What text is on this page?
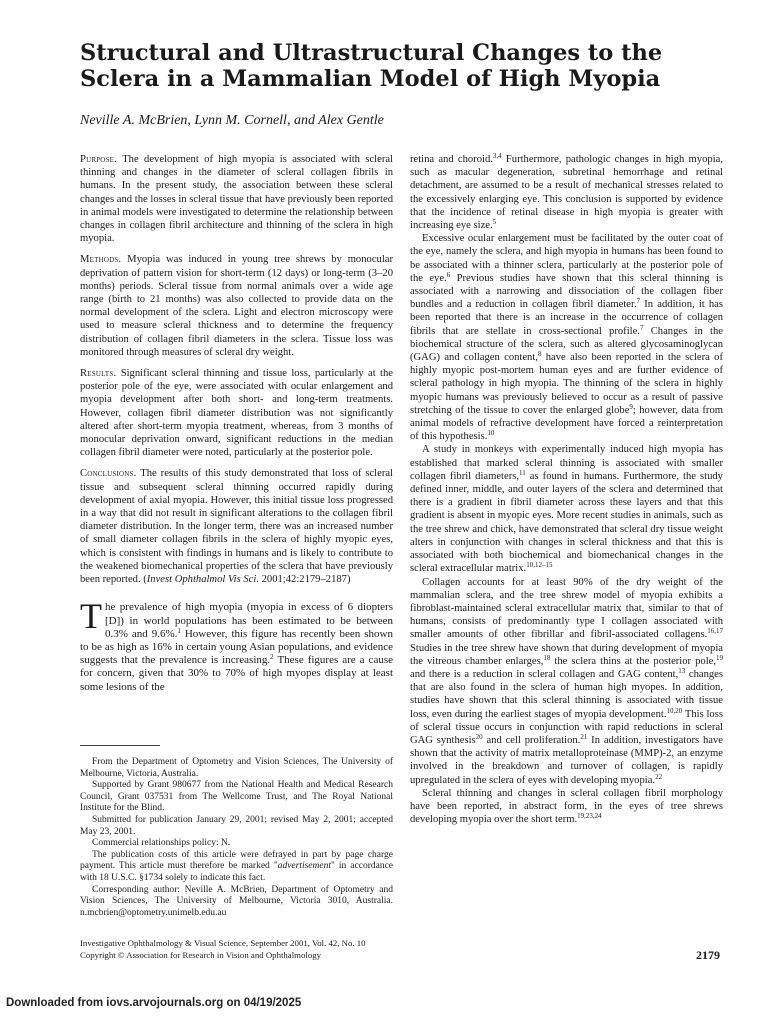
Structural and Ultrastructural Changes to the Sclera in a Mammalian Model of High Myopia
Neville A. McBrien, Lynn M. Cornell, and Alex Gentle

Purpose. The development of high myopia is associated with scleral thinning and changes in the diameter of scleral collagen fibrils in humans. In the present study, the association between these scleral changes and the losses in scleral tissue that have previously been reported in animal models were investigated to determine the relationship between changes in collagen fibril architecture and thinning of the sclera in high myopia.

Methods. Myopia was induced in young tree shrews by monocular deprivation of pattern vision for short-term (12 days) or long-term (3–20 months) periods. Scleral tissue from normal animals over a wide age range (birth to 21 months) was also collected to provide data on the normal development of the sclera. Light and electron microscopy were used to measure scleral thickness and to determine the frequency distribution of collagen fibril diameters in the sclera. Tissue loss was monitored through measures of scleral dry weight.

Results. Significant scleral thinning and tissue loss, particularly at the posterior pole of the eye, were associated with ocular enlargement and myopia development after both short- and long-term treatments. However, collagen fibril diameter distribution was not significantly altered after short-term myopia treatment, whereas, from 3 months of monocular deprivation onward, significant reductions in the median collagen fibril diameter were noted, particularly at the posterior pole.

Conclusions. The results of this study demonstrated that loss of scleral tissue and subsequent scleral thinning occurred rapidly during development of axial myopia. However, this initial tissue loss progressed in a way that did not result in significant alterations to the collagen fibril diameter distribution. In the longer term, there was an increased number of small diameter collagen fibrils in the sclera of highly myopic eyes, which is consistent with findings in humans and is likely to contribute to the weakened biomechanical properties of the sclera that have previously been reported. (Invest Ophthalmol Vis Sci. 2001;42:2179–2187)

The prevalence of high myopia (myopia in excess of 6 diopters [D]) in world populations has been estimated to be between 0.3% and 9.6%.$^1$ However, this figure has recently been shown to be as high as 16% in certain young Asian populations, and evidence suggests that the prevalence is increasing.$^2$ These figures are a cause for concern, given that 30% to 70% of high myopes display at least some lesions of the

retina and choroid.$^{3,4}$ Furthermore, pathologic changes in high myopia, such as macular degeneration, subretinal hemorrhage and retinal detachment, are assumed to be a result of mechanical stresses related to the excessively enlarging eye. This conclusion is supported by evidence that the incidence of retinal disease in high myopia is greater with increasing eye size.$^5$

Excessive ocular enlargement must be facilitated by the outer coat of the eye, namely the sclera, and high myopia in humans has been found to be associated with a thinner sclera, particularly at the posterior pole of the eye.$^6$ Previous studies have shown that this scleral thinning is associated with a narrowing and dissociation of the collagen fiber bundles and a reduction in collagen fibril diameter.$^7$ In addition, it has been reported that there is an increase in the occurrence of collagen fibrils that are stellate in cross-sectional profile.$^7$ Changes in the biochemical structure of the sclera, such as altered glycosaminoglycan (GAG) and collagen content,$^8$ have also been reported in the sclera of highly myopic post-mortem human eyes and are further evidence of scleral pathology in high myopia. The thinning of the sclera in highly myopic humans was previously believed to occur as a result of passive stretching of the tissue to cover the enlarged globe$^9$; however, data from animal models of refractive development have forced a reinterpretation of this hypothesis.$^{10}$

A study in monkeys with experimentally induced high myopia has established that marked scleral thinning is associated with smaller collagen fibril diameters,$^{11}$ as found in humans. Furthermore, the study defined inner, middle, and outer layers of the sclera and determined that there is a gradient in fibril diameter across these layers and that this gradient is absent in myopic eyes. More recent studies in animals, such as the tree shrew and chick, have demonstrated that scleral dry tissue weight alters in conjunction with changes in scleral thickness and that this is associated with both biochemical and biomechanical changes in the scleral extracellular matrix.$^{10,12-15}$

Collagen accounts for at least 90% of the dry weight of the mammalian sclera, and the tree shrew model of myopia exhibits a fibroblast-maintained scleral extracellular matrix that, similar to that of humans, consists of predominantly type I collagen associated with smaller amounts of other fibrillar and fibril-associated collagens.$^{16,17}$ Studies in the tree shrew have shown that during development of myopia the vitreous chamber enlarges,$^{18}$ the sclera thins at the posterior pole,$^{19}$ and there is a reduction in scleral collagen and GAG content,$^{13}$ changes that are also found in the sclera of human high myopes. In addition, studies have shown that this scleral thinning is associated with tissue loss, even during the earliest stages of myopia development.$^{10,20}$ This loss of scleral tissue occurs in conjunction with rapid reductions in scleral GAG synthesis$^{20}$ and cell proliferation.$^{21}$ In addition, investigators have shown that the activity of matrix metalloproteinase (MMP)-2, an enzyme involved in the breakdown and turnover of collagen, is rapidly upregulated in the sclera of eyes with developing myopia.$^{22}$

Scleral thinning and changes in scleral collagen fibril morphology have been reported, in abstract form, in the eyes of tree shrews developing myopia over the short term.$^{19,23,24}$

From the Department of Optometry and Vision Sciences, The University of Melbourne, Victoria, Australia.

Supported by Grant 980677 from the National Health and Medical Research Council, Grant 037531 from The Wellcome Trust, and The Royal National Institute for the Blind.

Submitted for publication January 29, 2001; revised May 2, 2001; accepted May 23, 2001.

Commercial relationships policy: N.

The publication costs of this article were defrayed in part by page charge payment. This article must therefore be marked "advertisement" in accordance with 18 U.S.C. §1734 solely to indicate this fact.

Corresponding author: Neville A. McBrien, Department of Optometry and Vision Sciences, The University of Melbourne, Victoria 3010, Australia. n.mcbrien@optometry.unimelb.edu.au

Investigative Ophthalmology & Visual Science, September 2001, Vol. 42, No. 10
Copyright © Association for Research in Vision and Ophthalmology	2179
Downloaded from iovs.arvojournals.org on 04/19/2025
